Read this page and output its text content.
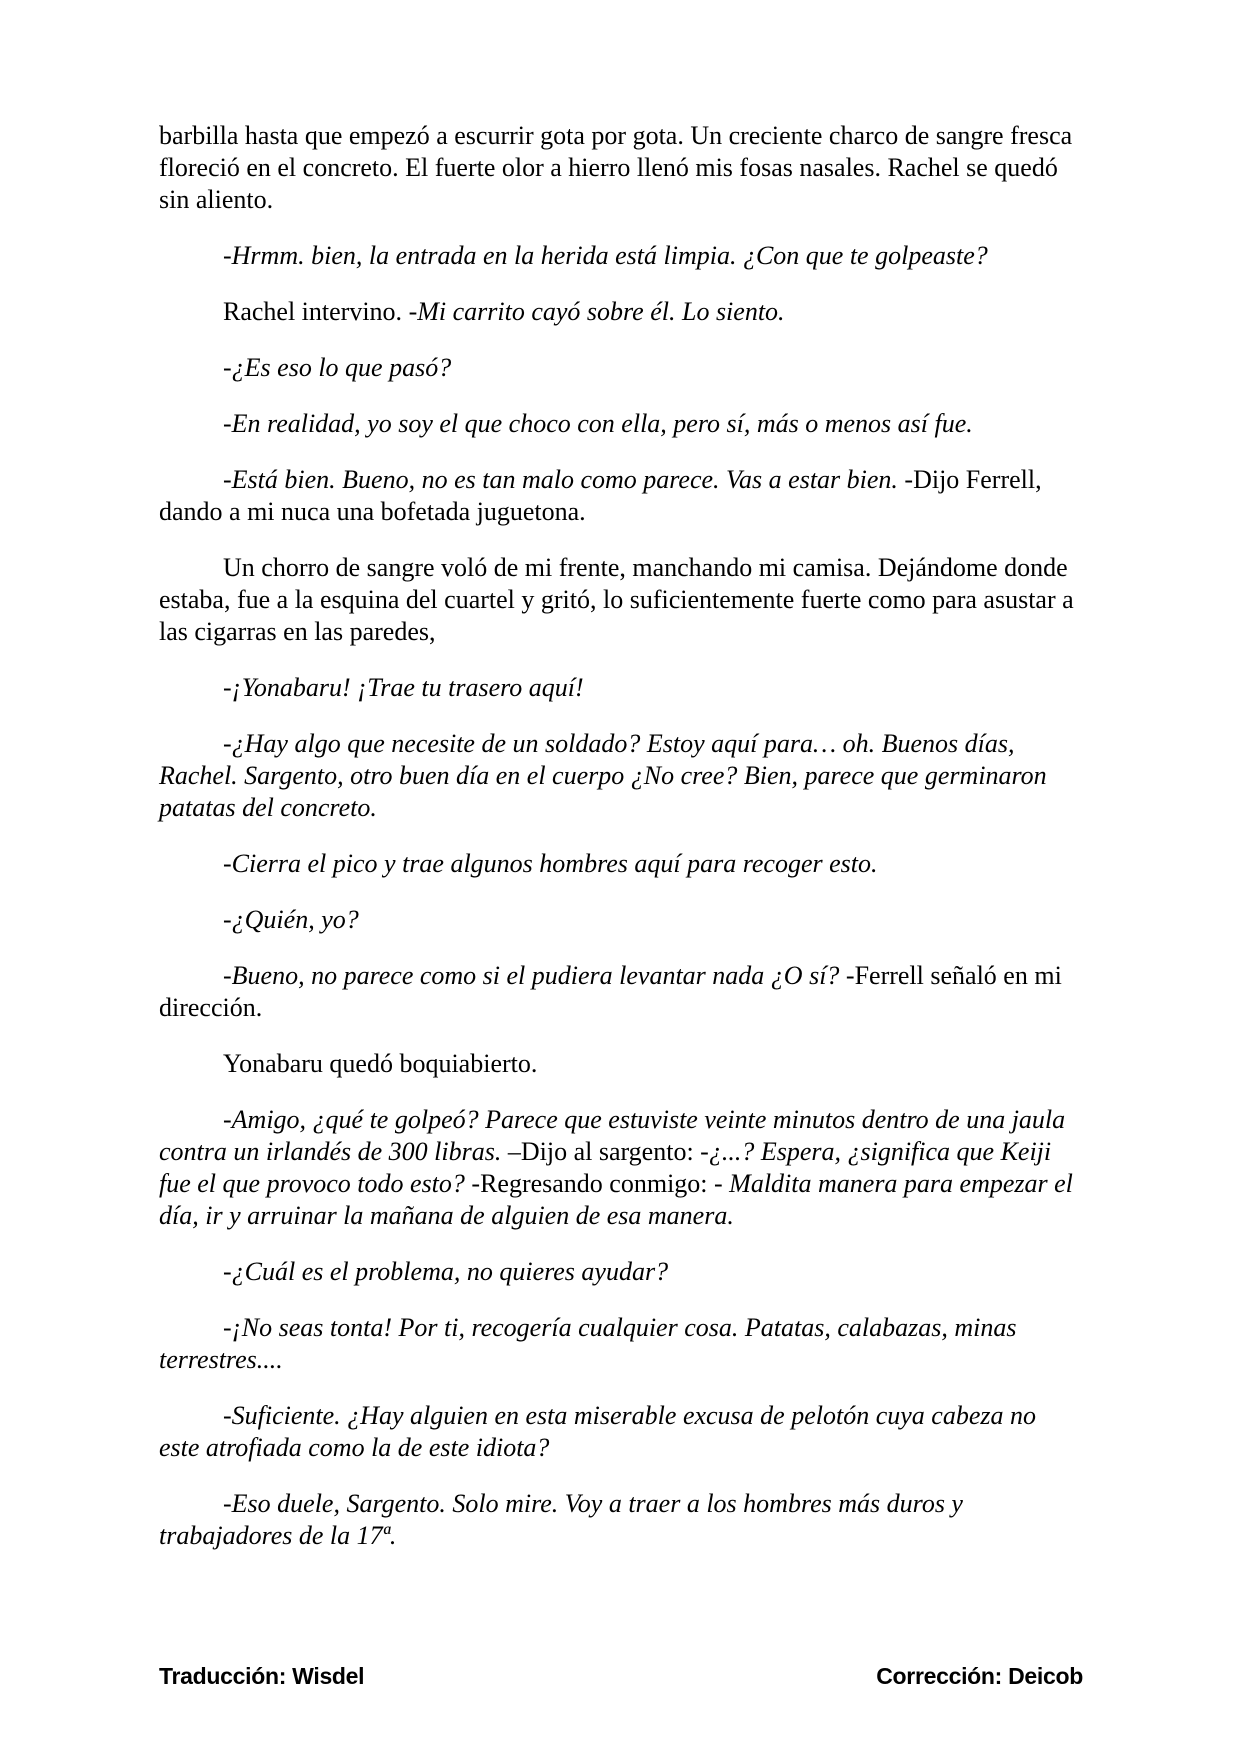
barbilla hasta que empezó a escurrir gota por gota. Un creciente charco de sangre fresca floreció en el concreto. El fuerte olor a hierro llenó mis fosas nasales. Rachel se quedó sin aliento.

-Hrmm. bien, la entrada en la herida está limpia. ¿Con que te golpeaste?

Rachel intervino. -Mi carrito cayó sobre él. Lo siento.

-¿Es eso lo que pasó?

-En realidad, yo soy el que choco con ella, pero sí, más o menos así fue.

-Está bien. Bueno, no es tan malo como parece. Vas a estar bien. -Dijo Ferrell, dando a mi nuca una bofetada juguetona.

Un chorro de sangre voló de mi frente, manchando mi camisa. Dejándome donde estaba, fue a la esquina del cuartel y gritó, lo suficientemente fuerte como para asustar a las cigarras en las paredes,

-¡Yonabaru! ¡Trae tu trasero aquí!

-¿Hay algo que necesite de un soldado? Estoy aquí para… oh. Buenos días, Rachel. Sargento, otro buen día en el cuerpo ¿No cree? Bien, parece que germinaron patatas del concreto.

-Cierra el pico y trae algunos hombres aquí para recoger esto.

-¿Quién, yo?

-Bueno, no parece como si el pudiera levantar nada ¿O sí? -Ferrell señaló en mi dirección.

Yonabaru quedó boquiabierto.

-Amigo, ¿qué te golpeó? Parece que estuviste veinte minutos dentro de una jaula contra un irlandés de 300 libras. –Dijo al sargento: -¿...? Espera, ¿significa que Keiji fue el que provoco todo esto? -Regresando conmigo: - Maldita manera para empezar el día, ir y arruinar la mañana de alguien de esa manera.

-¿Cuál es el problema, no quieres ayudar?

-¡No seas tonta! Por ti, recogería cualquier cosa. Patatas, calabazas, minas terrestres....

-Suficiente. ¿Hay alguien en esta miserable excusa de pelotón cuya cabeza no este atrofiada como la de este idiota?

-Eso duele, Sargento. Solo mire. Voy a traer a los hombres más duros y trabajadores de la 17ª.

Traducción: Wisdel	Corrección: Deicob
